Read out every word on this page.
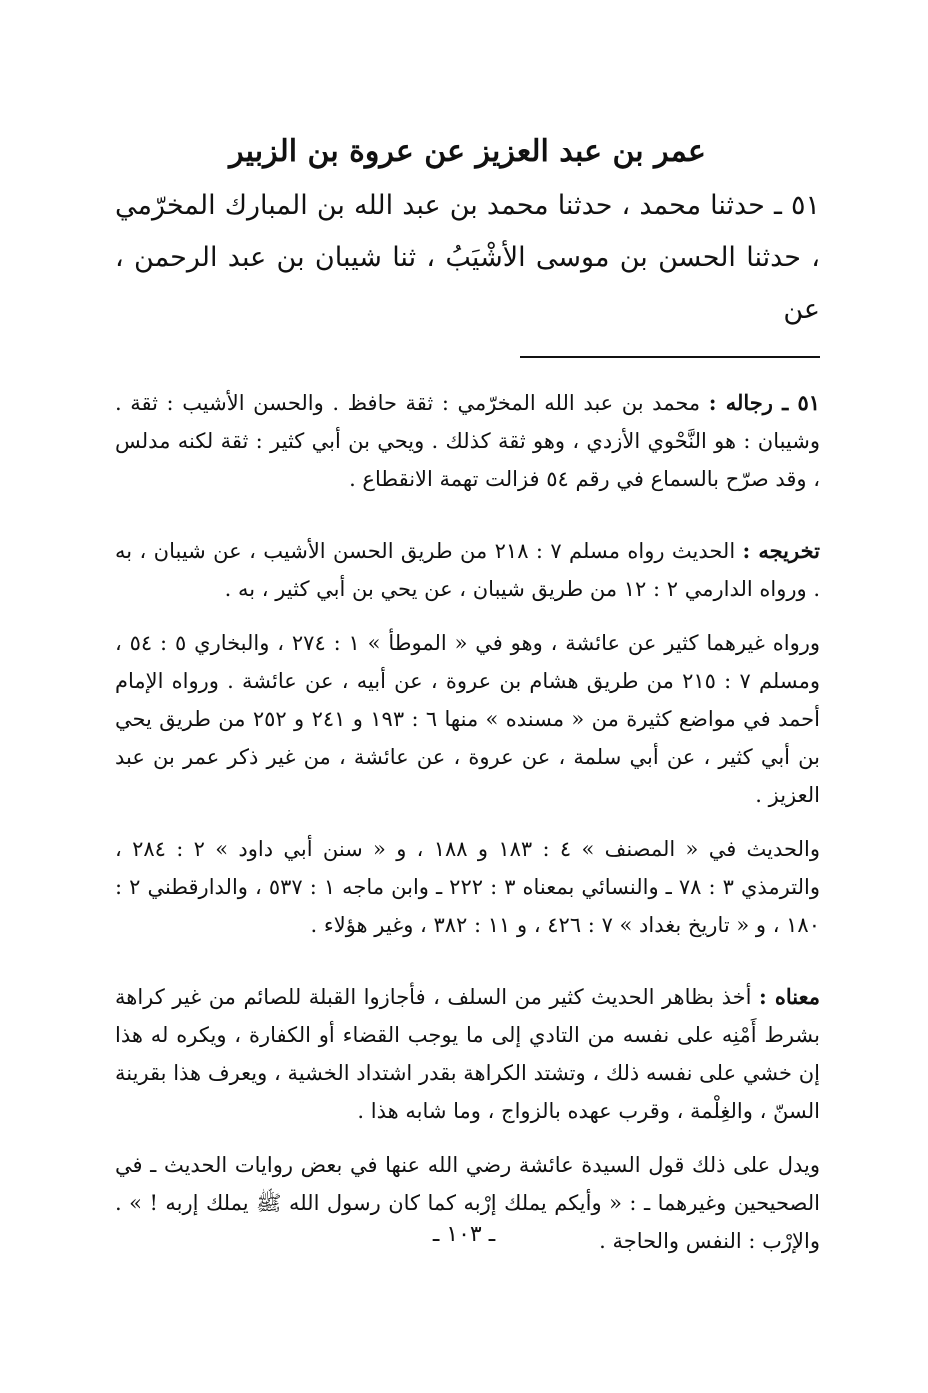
عمر بن عبد العزيز عن عروة بن الزبير

٥١ ـ حدثنا محمد ، حدثنا محمد بن عبد الله بن المبارك المخرّمي ، حدثنا الحسن بن موسى الأشْيَبُ ، ثنا شيبان بن عبد الرحمن ، عن

٥١ ـ رجاله : محمد بن عبد الله المخرّمي : ثقة حافظ . والحسن الأشيب : ثقة . وشيبان : هو النَّحْوي الأزدي ، وهو ثقة كذلك . ويحي بن أبي كثير : ثقة لكنه مدلس ، وقد صرّح بالسماع في رقم ٥٤ فزالت تهمة الانقطاع .

تخريجه : الحديث رواه مسلم ٧ : ٢١٨ من طريق الحسن الأشيب ، عن شيبان ، به . ورواه الدارمي ٢ : ١٢ من طريق شيبان ، عن يحي بن أبي كثير ، به .

ورواه غيرهما كثير عن عائشة ، وهو في « الموطأ » ١ : ٢٧٤ ، والبخاري ٥ : ٥٤ ، ومسلم ٧ : ٢١٥ من طريق هشام بن عروة ، عن أبيه ، عن عائشة . ورواه الإمام أحمد في مواضع كثيرة من « مسنده » منها ٦ : ١٩٣ و ٢٤١ و ٢٥٢ من طريق يحي بن أبي كثير ، عن أبي سلمة ، عن عروة ، عن عائشة ، من غير ذكر عمر بن عبد العزيز .

والحديث في « المصنف » ٤ : ١٨٣ و ١٨٨ ، و « سنن أبي داود » ٢ : ٢٨٤ ، والترمذي ٣ : ٧٨ ـ والنسائي بمعناه ٣ : ٢٢٢ ـ وابن ماجه ١ : ٥٣٧ ، والدارقطني ٢ : ١٨٠ ، و « تاريخ بغداد » ٧ : ٤٢٦ ، و ١١ : ٣٨٢ ، وغير هؤلاء .

معناه : أخذ بظاهر الحديث كثير من السلف ، فأجازوا القبلة للصائم من غير كراهة بشرط أَمْنِه على نفسه من التادي إلى ما يوجب القضاء أو الكفارة ، ويكره له هذا إن خشي على نفسه ذلك ، وتشتد الكراهة بقدر اشتداد الخشية ، ويعرف هذا بقرينة السنّ ، والغِلْمة ، وقرب عهده بالزواج ، وما شابه هذا .

ويدل على ذلك قول السيدة عائشة رضي الله عنها في بعض روايات الحديث ـ في الصحيحين وغيرهما ـ : « وأيكم يملك إرْبه كما كان رسول الله ﷺ يملك إربه ! » . والإرْب : النفس والحاجة .

ـ ١٠٣ ـ
